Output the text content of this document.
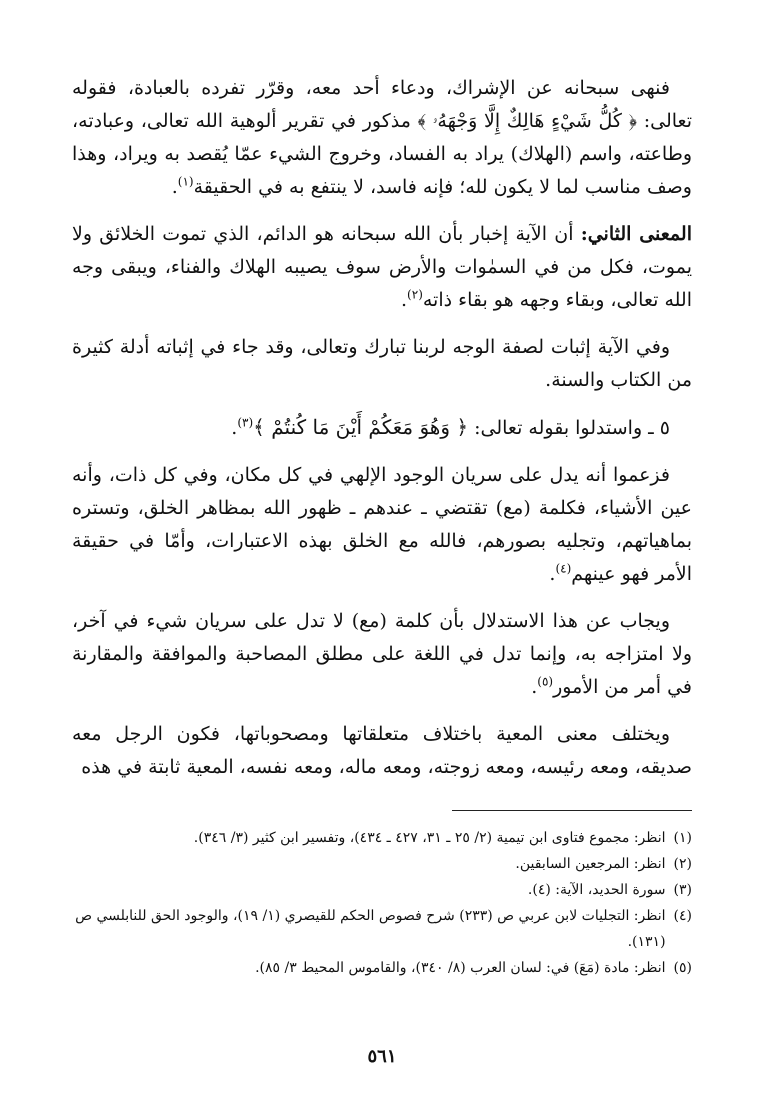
فنهى سبحانه عن الإشراك، ودعاء أحد معه، وقرّر تفرده بالعبادة، فقوله تعالى: ﴿ كُلُّ شَيْءٍ هَالِكٌ إِلَّا وَجْهَهُۥ ﴾ مذكور في تقرير ألوهية الله تعالى، وعبادته، وطاعته، واسم (الهلاك) يراد به الفساد، وخروج الشيء عمّا يُقصد به ويراد، وهذا وصف مناسب لما لا يكون لله؛ فإنه فاسد، لا ينتفع به في الحقيقة$^{(١)}$.

المعنى الثاني: أن الآية إخبار بأن الله سبحانه هو الدائم، الذي تموت الخلائق ولا يموت، فكل من في السمٰوات والأرض سوف يصيبه الهلاك والفناء، ويبقى وجه الله تعالى، وبقاء وجهه هو بقاء ذاته$^{(٢)}$.

وفي الآية إثبات لصفة الوجه لربنا تبارك وتعالى، وقد جاء في إثباته أدلة كثيرة من الكتاب والسنة.

٥ ـ واستدلوا بقوله تعالى: ﴿ وَهُوَ مَعَكُمْ أَيْنَ مَا كُنتُمْ ﴾$^{(٣)}$.

فزعموا أنه يدل على سريان الوجود الإلهي في كل مكان، وفي كل ذات، وأنه عين الأشياء، فكلمة (مع) تقتضي ـ عندهم ـ ظهور الله بمظاهر الخلق، وتستره بماهياتهم، وتجليه بصورهم، فالله مع الخلق بهذه الاعتبارات، وأمّا في حقيقة الأمر فهو عينهم$^{(٤)}$.

ويجاب عن هذا الاستدلال بأن كلمة (مع) لا تدل على سريان شيء في آخر، ولا امتزاجه به، وإنما تدل في اللغة على مطلق المصاحبة والموافقة والمقارنة في أمر من الأمور$^{(٥)}$.

ويختلف معنى المعية باختلاف متعلقاتها ومصحوباتها، فكون الرجل معه صديقه، ومعه رئيسه، ومعه زوجته، ومعه ماله، ومعه نفسه، المعية ثابتة في هذه

(١)
انظر: مجموع فتاوى ابن تيمية (٢/ ٢٥ ـ ٣١، ٤٢٧ ـ ٤٣٤)، وتفسير ابن كثير (٣/ ٣٤٦).
(٢)
انظر: المرجعين السابقين.
(٣)
سورة الحديد، الآية: (٤).
(٤)
انظر: التجليات لابن عربي ص (٢٣٣) شرح فصوص الحكم للقيصري (١/ ١٩)، والوجود الحق للنابلسي ص (١٣١).
(٥)
انظر: مادة (مَعَ) في: لسان العرب (٨/ ٣٤٠)، والقاموس المحيط ٣/ ٨٥).
٥٦١
